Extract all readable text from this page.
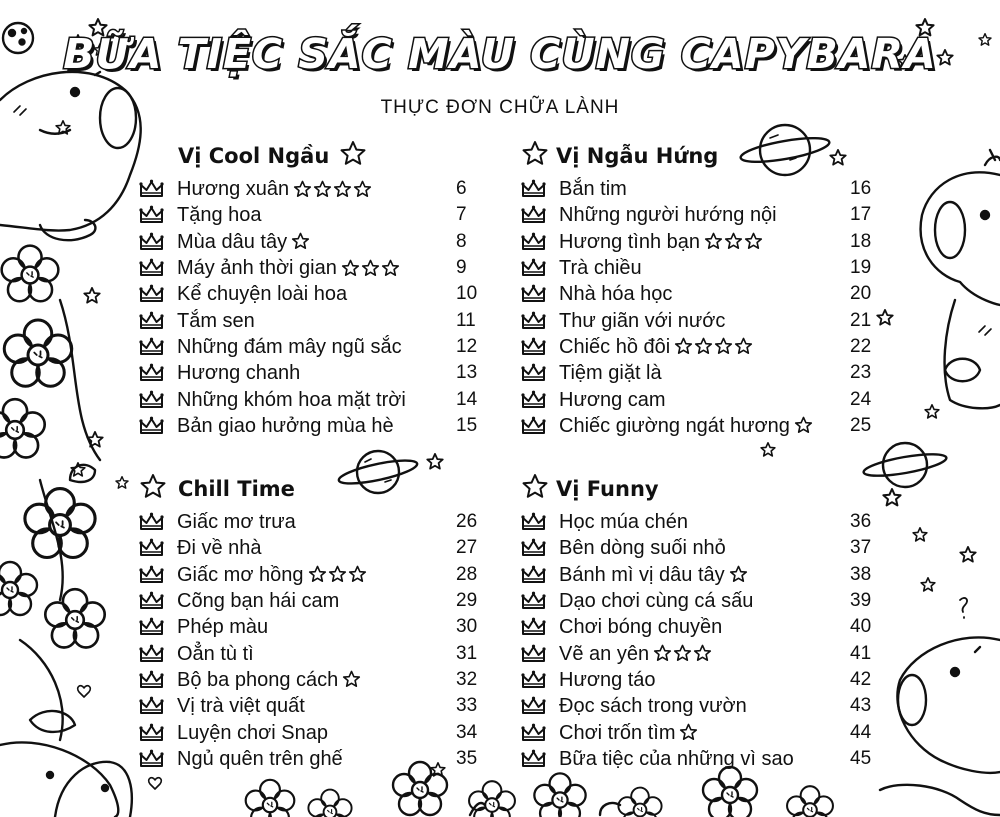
BỮA TIỆC SẮC MÀU CÙNG CAPYBARA
THỰC ĐƠN CHỮA LÀNH
Vị Cool Ngầu
Hương xuân	6
Tặng hoa	7
Mùa dâu tây	8
Máy ảnh thời gian	9
Kể chuyện loài hoa	10
Tắm sen	11
Những đám mây ngũ sắc	12
Hương chanh	13
Những khóm hoa mặt trời	14
Bản giao hưởng mùa hè	15
Vị Ngẫu Hứng
Bắn tim	16
Những người hướng nội	17
Hương tình bạn	18
Trà chiều	19
Nhà hóa học	20
Thư giãn với nước	21
Chiếc hồ đôi	22
Tiệm giặt là	23
Hương cam	24
Chiếc giường ngát hương	25
Chill Time
Giấc mơ trưa	26
Đi về nhà	27
Giấc mơ hồng	28
Cõng bạn hái cam	29
Phép màu	30
Oẳn tù tì	31
Bộ ba phong cách	32
Vị trà việt quất	33
Luyện chơi Snap	34
Ngủ quên trên ghế	35
Vị Funny
Học múa chén	36
Bên dòng suối nhỏ	37
Bánh mì vị dâu tây	38
Dạo chơi cùng cá sấu	39
Chơi bóng chuyền	40
Vẽ an yên	41
Hương táo	42
Đọc sách trong vườn	43
Chơi trốn tìm	44
Bữa tiệc của những vì sao	45
